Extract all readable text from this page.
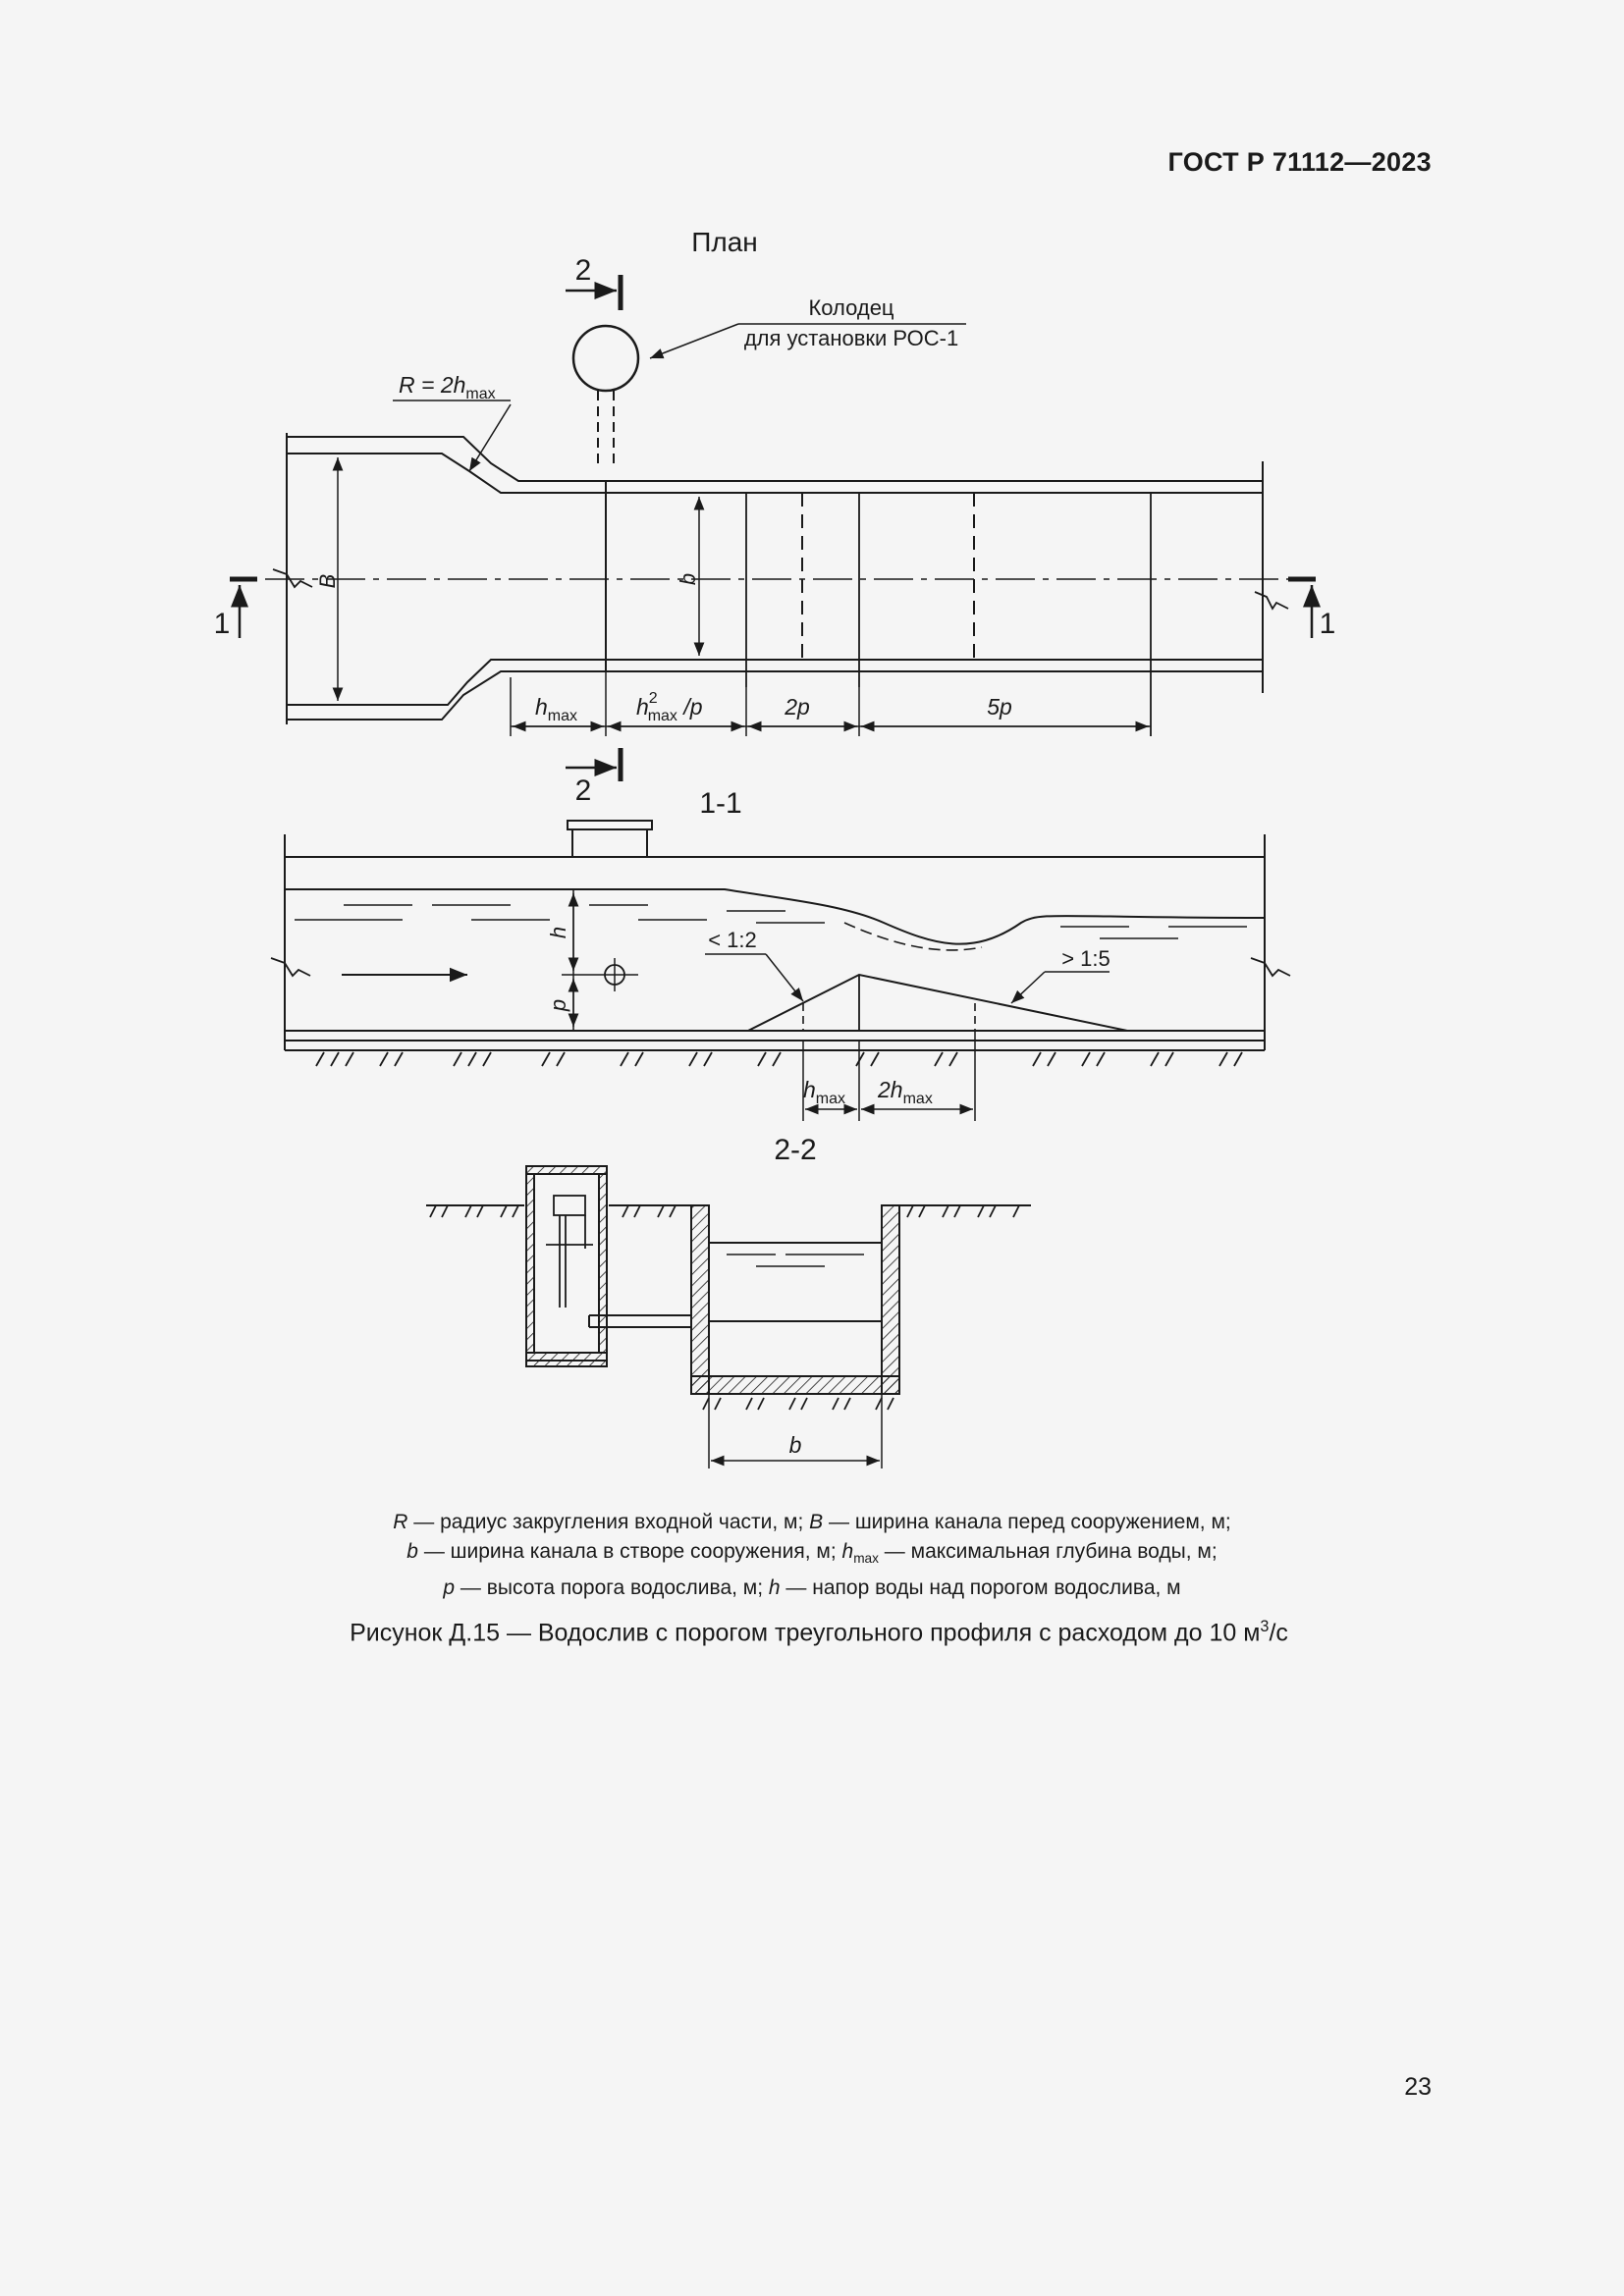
ГОСТ Р 71112—2023
План
2
Колодец
для установки РОС-1
$R = 2h_{max}$
B	b
1	1
$h_{max}$	$h^2$ max /p	2p	5p
2	1-1
< 1:2
> 1:5
h
p
$h_{max}$ $2h_{max}$
2-2
b
R — радиус закругления входной части, м; B — ширина канала перед сооружением, м;
b — ширина канала в створе сооружения, м; $h_{max}$ — максимальная глубина воды, м;
p — высота порога водослива, м; h — напор воды над порогом водослива, м
Рисунок Д.15 — Водослив с порогом треугольного профиля с расходом до 10 $м^3/с$
23
